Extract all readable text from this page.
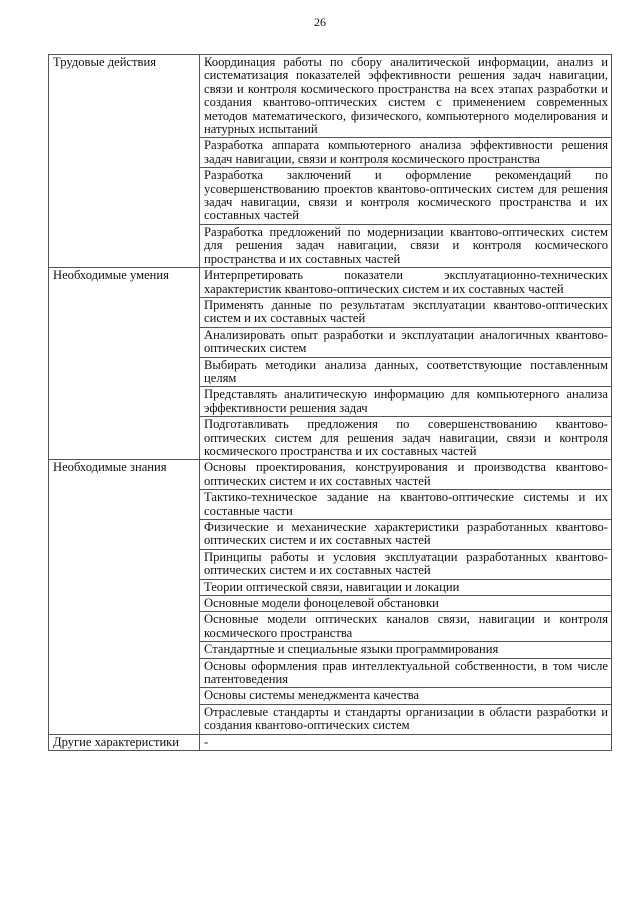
26
Трудовые действия	Координация работы по сбору аналитической информации, анализ и систематизация показателей эффективности решения задач навигации, связи и контроля космического пространства на всех этапах разработки и создания квантово-оптических систем с применением современных методов математического, физического, компьютерного моделирования и натурных испытаний
	Разработка аппарата компьютерного анализа эффективности решения задач навигации, связи и контроля космического пространства
	Разработка заключений и оформление рекомендаций по усовершенствованию проектов квантово-оптических систем для решения задач навигации, связи и контроля космического пространства и их составных частей
	Разработка предложений по модернизации квантово-оптических систем для решения задач навигации, связи и контроля космического пространства и их составных частей
Необходимые умения	Интерпретировать показатели эксплуатационно-технических характеристик квантово-оптических систем и их составных частей
	Применять данные по результатам эксплуатации квантово-оптических систем и их составных частей
	Анализировать опыт разработки и эксплуатации аналогичных квантово-оптических систем
	Выбирать методики анализа данных, соответствующие поставленным целям
	Представлять аналитическую информацию для компьютерного анализа эффективности решения задач
	Подготавливать предложения по совершенствованию квантово-оптических систем для решения задач навигации, связи и контроля космического пространства и их составных частей
Необходимые знания	Основы проектирования, конструирования и производства квантово-оптических систем и их составных частей
	Тактико-техническое задание на квантово-оптические системы и их составные части
	Физические и механические характеристики разработанных квантово-оптических систем и их составных частей
	Принципы работы и условия эксплуатации разработанных квантово-оптических систем и их составных частей
	Теории оптической связи, навигации и локации
	Основные модели фоноцелевой обстановки
	Основные модели оптических каналов связи, навигации и контроля космического пространства
	Стандартные и специальные языки программирования
	Основы оформления прав интеллектуальной собственности, в том числе патентоведения
	Основы системы менеджмента качества
	Отраслевые стандарты и стандарты организации в области разработки и создания квантово-оптических систем
Другие характеристики	-
